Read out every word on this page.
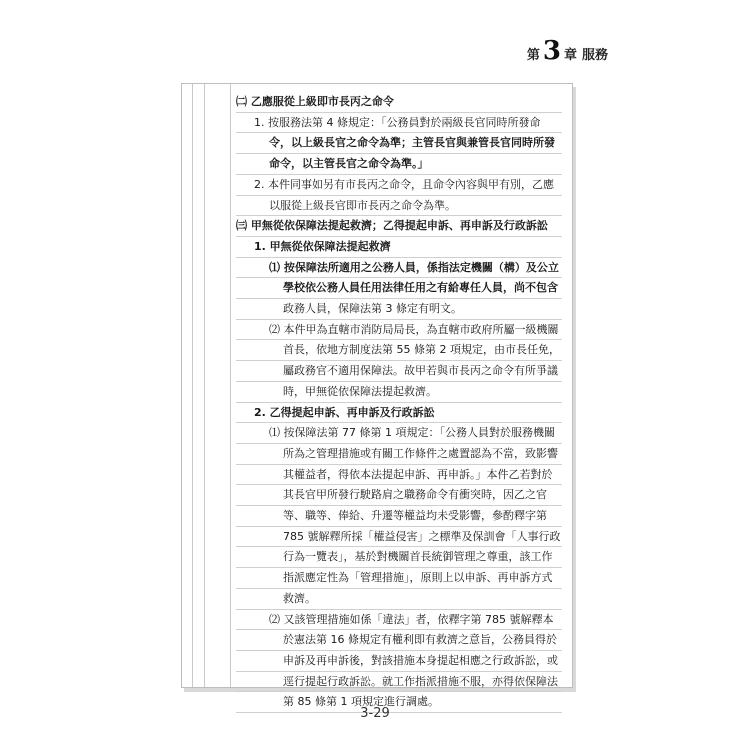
第 3 章 服務
㈡ 乙應服從上級即市長丙之命令
1. 按服務法第 4 條規定：「公務員對於兩級長官同時所發命
令，以上級長官之命令為準；主管長官與兼管長官同時所發
命令，以主管長官之命令為準。」
2. 本件同事如另有市長丙之命令，且命令內容與甲有別，乙應
以服從上級長官即市長丙之命令為準。
㈢ 甲無從依保障法提起救濟；乙得提起申訴、再申訴及行政訴訟
1. 甲無從依保障法提起救濟
⑴ 按保障法所適用之公務人員，係指法定機關（構）及公立
學校依公務人員任用法律任用之有給專任人員，尚不包含
政務人員，保障法第 3 條定有明文。
⑵ 本件甲為直轄市消防局局長，為直轄市政府所屬一級機關
首長，依地方制度法第 55 條第 2 項規定，由市長任免，
屬政務官不適用保障法。故甲若與市長丙之命令有所爭議
時，甲無從依保障法提起救濟。
2. 乙得提起申訴、再申訴及行政訴訟
⑴ 按保障法第 77 條第 1 項規定：「公務人員對於服務機關
所為之管理措施或有關工作條件之處置認為不當，致影響
其權益者，得依本法提起申訴、再申訴。」本件乙若對於
其長官甲所發行駛路肩之職務命令有衝突時，因乙之官
等、職等、俸給、升遷等權益均未受影響，參酌釋字第
785 號解釋所採「權益侵害」之標準及保訓會「人事行政
行為一覽表」，基於對機關首長統御管理之尊重，該工作
指派應定性為「管理措施」，原則上以申訴、再申訴方式
救濟。
⑵ 又該管理措施如係「違法」者，依釋字第 785 號解釋本
於憲法第 16 條規定有權利即有救濟之意旨，公務員得於
申訴及再申訴後，對該措施本身提起相應之行政訴訟，或
逕行提起行政訴訟。就工作指派措施不服，亦得依保障法
第 85 條第 1 項規定進行調處。
3-29
